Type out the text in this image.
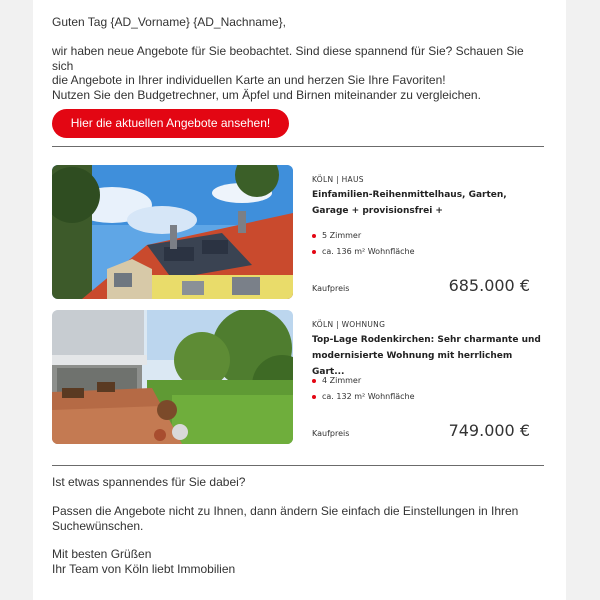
Guten Tag {AD_Vorname} {AD_Nachname},

wir haben neue Angebote für Sie beobachtet. Sind diese spannend für Sie? Schauen Sie sich

die Angebote in Ihrer individuellen Karte an und herzen Sie Ihre Favoriten!

Nutzen Sie den Budgetrechner, um Äpfel und Birnen miteinander zu vergleichen.

Hier die aktuellen Angebote ansehen!
KÖLN | HAUS
Einfamilien-Reihenmittelhaus, Garten, Garage + provisionsfrei +
5 Zimmer
ca. 136 m² Wohnfläche
Kaufpreis	685.000 €
KÖLN | WOHNUNG
Top-Lage Rodenkirchen: Sehr charmante und modernisierte Wohnung mit herrlichem Gart...
4 Zimmer
ca. 132 m² Wohnfläche
Kaufpreis	749.000 €
Ist etwas spannendes für Sie dabei?

Passen die Angebote nicht zu Ihnen, dann ändern Sie einfach die Einstellungen in Ihren

Suchewünschen.

Mit besten Grüßen

Ihr Team von Köln liebt Immobilien
